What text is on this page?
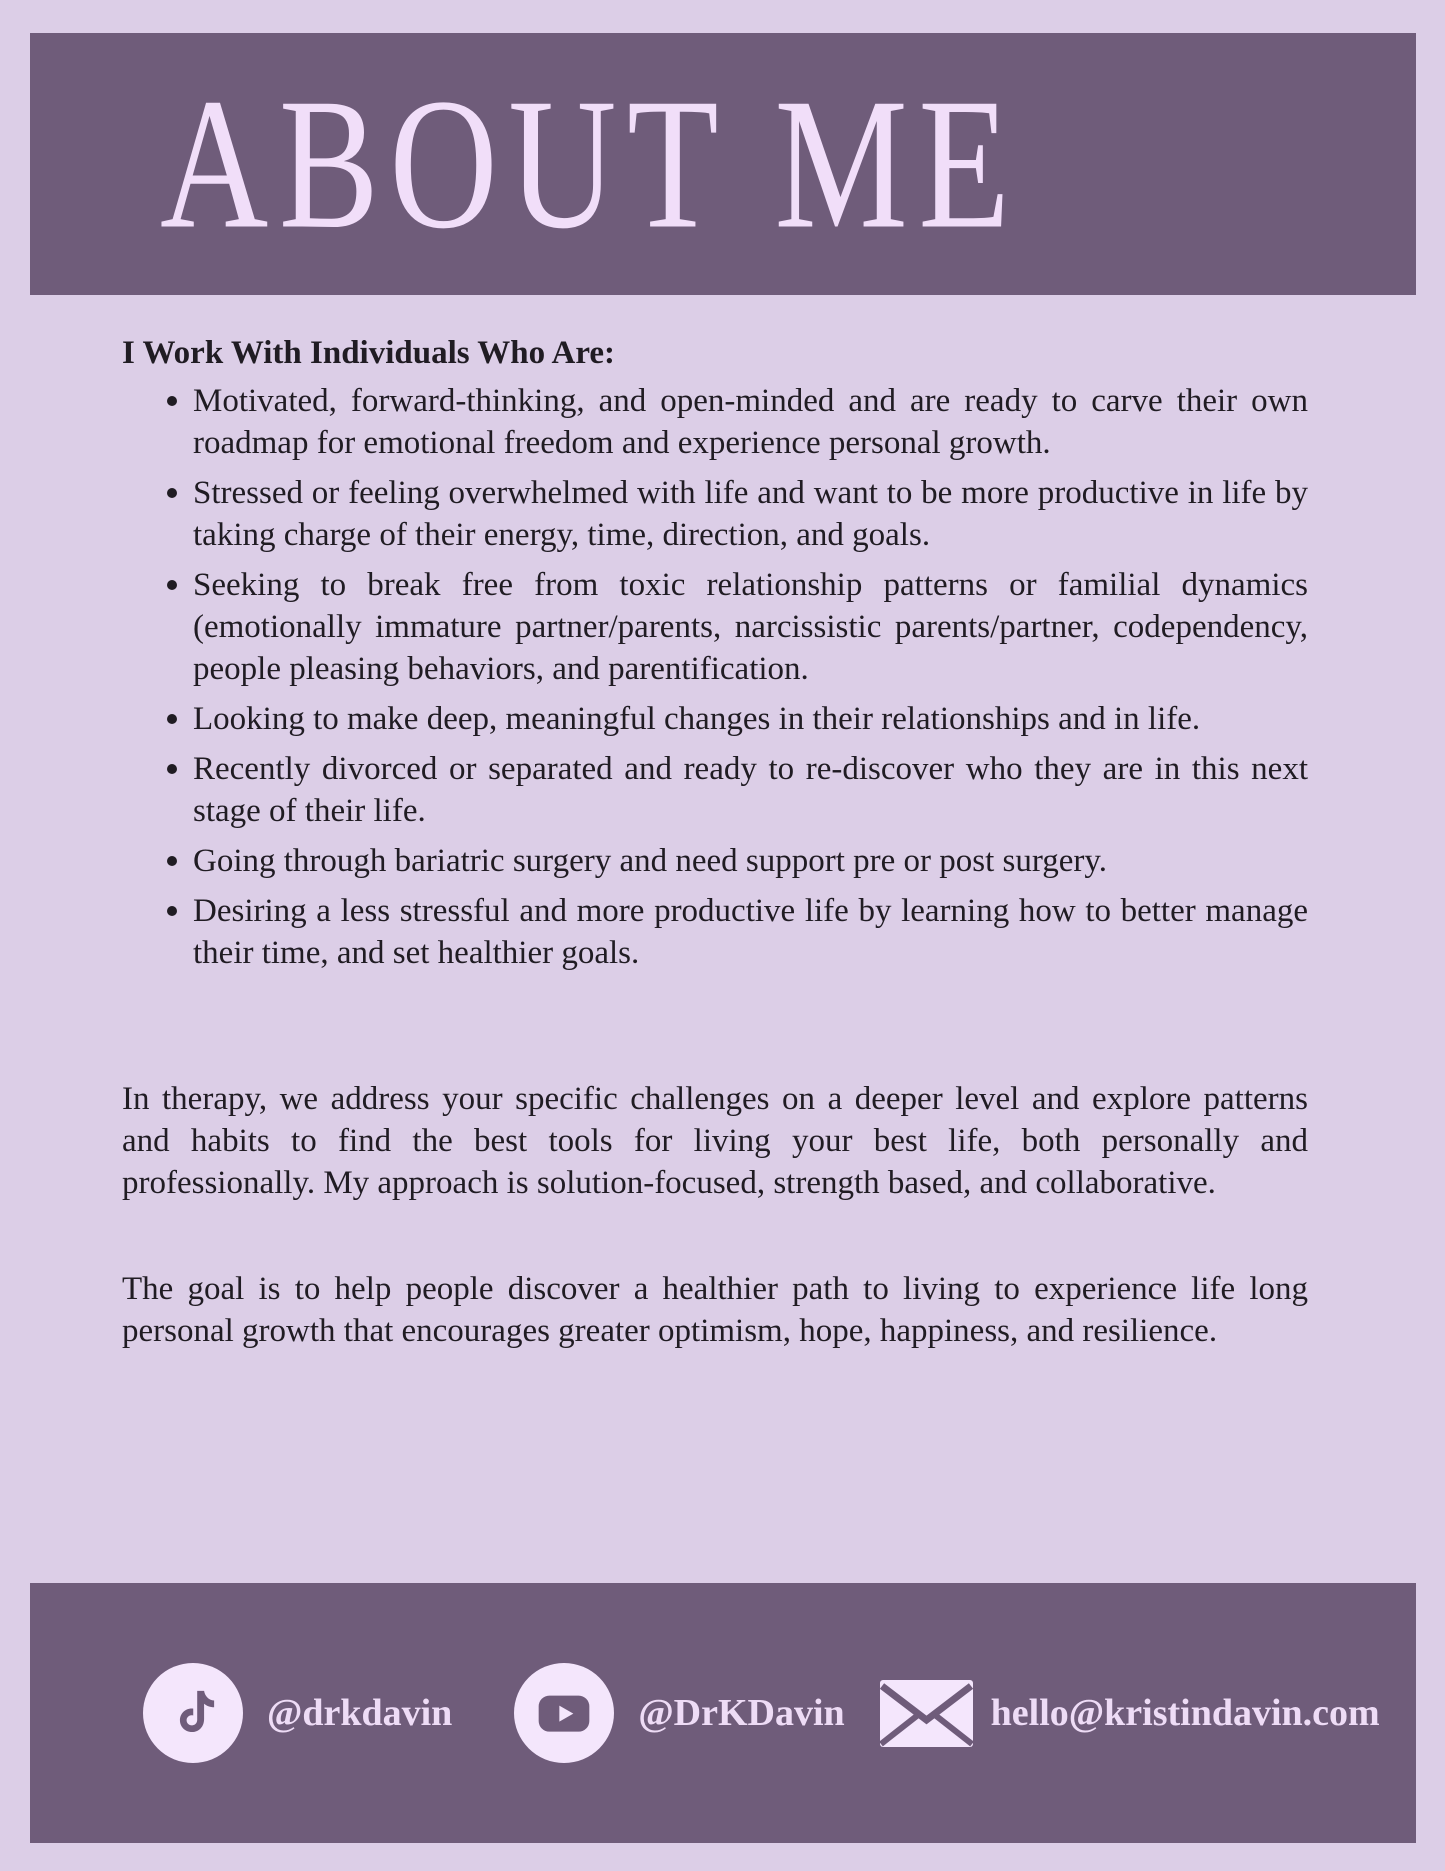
ABOUT ME
I Work With Individuals Who Are:
Motivated, forward-thinking, and open-minded and are ready to carve their own roadmap for emotional freedom and experience personal growth.
Stressed or feeling overwhelmed with life and want to be more productive in life by taking charge of their energy, time, direction, and goals.
Seeking to break free from toxic relationship patterns or familial dynamics (emotionally immature partner/parents, narcissistic parents/partner, codependency, people pleasing behaviors, and parentification.
Looking to make deep, meaningful changes in their relationships and in life.
Recently divorced or separated and ready to re-discover who they are in this next stage of their life.
Going through bariatric surgery and need support pre or post surgery.
Desiring a less stressful and more productive life by learning how to better manage their time, and set healthier goals.

In therapy, we address your specific challenges on a deeper level and explore patterns and habits to find the best tools for living your best life, both personally and professionally. My approach is solution-focused, strength based, and collaborative.

The goal is to help people discover a healthier path to living to experience life long personal growth that encourages greater optimism, hope, happiness, and resilience.

@drkdavin	@DrKDavin	hello@kristindavin.com
